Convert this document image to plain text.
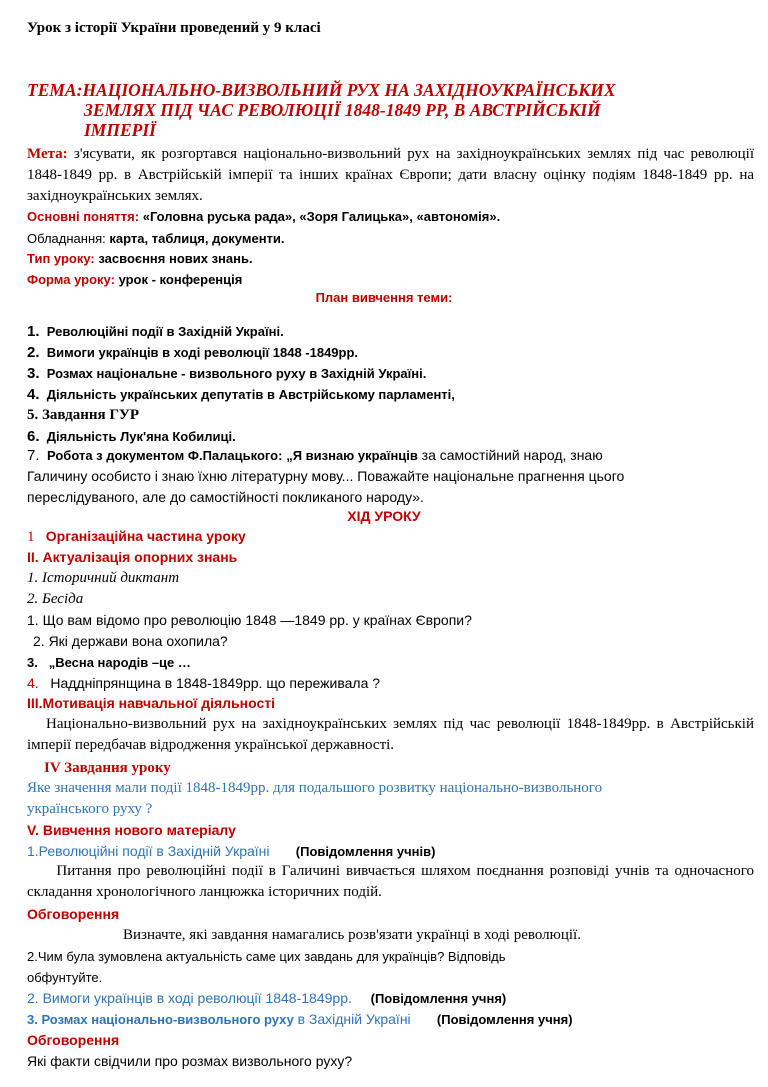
Урок з історії України проведений у 9 класі
ТЕМА:НАЦІОНАЛЬНО-ВИЗВОЛЬНИЙ РУХ НА ЗАХІДНОУКРАЇНСЬКИХ
ЗЕМЛЯХ ПІД ЧАС РЕВОЛЮЦІЇ 1848-1849 РР, В АВСТРІЙСЬКІЙ
ІМПЕРІЇ
Мета: з'ясувати, як розгортався національно-визвольний рух на західноукраїнських землях під час революції 1848-1849 рр. в Австрійській імперії та інших країнах Європи; дати власну оцінку подіям 1848-1849 рр. на західноукраїнських землях.
Основні поняття: «Головна руська рада», «Зоря Галицька», «автономія».
Обладнання: карта, таблиця, документи.
Тип уроку: засвоєння нових знань.
Форма уроку: урок - конференція
План вивчення теми:
1. Революційні події в Західній Україні.
2. Вимоги українців в ході революції 1848 -1849рр.
3. Розмах національне - визвольного руху в Західній Україні.
4. Діяльність українських депутатів в Австрійському парламенті,
5. Завдання ГУР
6. Діяльність Лук'яна Кобилиці.
7. Робота з документом Ф.Палацького: „Я визнаю українців за самостійний народ, знаю
Галичину особисто і знаю їхню літературну мову... Поважайте національне прагнення цього
переслідуваного, але до самостійності покликаного народу».
ХІД УРОКУ
1 Організаційна частина уроку
II. Актуалізація опорних знань
1. Історичний диктант
2. Бесіда
1. Що вам відомо про революцію 1848 —1849 рр. у країнах Європи?
2. Які держави вона охопила?
3. „Весна народів –це …
4. Наддніпрянщина в 1848-1849рр. що переживала ?
III.Мотивація навчальної діяльності
Національно-визвольний рух на західноукраїнських землях під час революції 1848-1849рр. в Австрійській імперії передбачав відродження української державності.
IV Завдання уроку
Яке значення мали події 1848-1849рр. для подальшого розвитку національно-визвольного
українського руху ?
V. Вивчення нового матеріалу
1.Революційні події в Західній Україні (Повідомлення учнів)
Питання про революційні події в Галичині вивчається шляхом поєднання розповіді учнів та одночасного складання хронологічного ланцюжка історичних подій.
Обговорення
Визначте, які завдання намагались розв'язати українці в ході революції.
2.Чим була зумовлена актуальність саме цих завдань для українців? Відповідь
обфунтуйте.
2. Вимоги українців в ході революції 1848-1849рр. (Повідомлення учня)
3. Розмах національно-визвольного руху в Західній Україні (Повідомлення учня)
Обговорення
Які факти свідчили про розмах визвольного руху?
